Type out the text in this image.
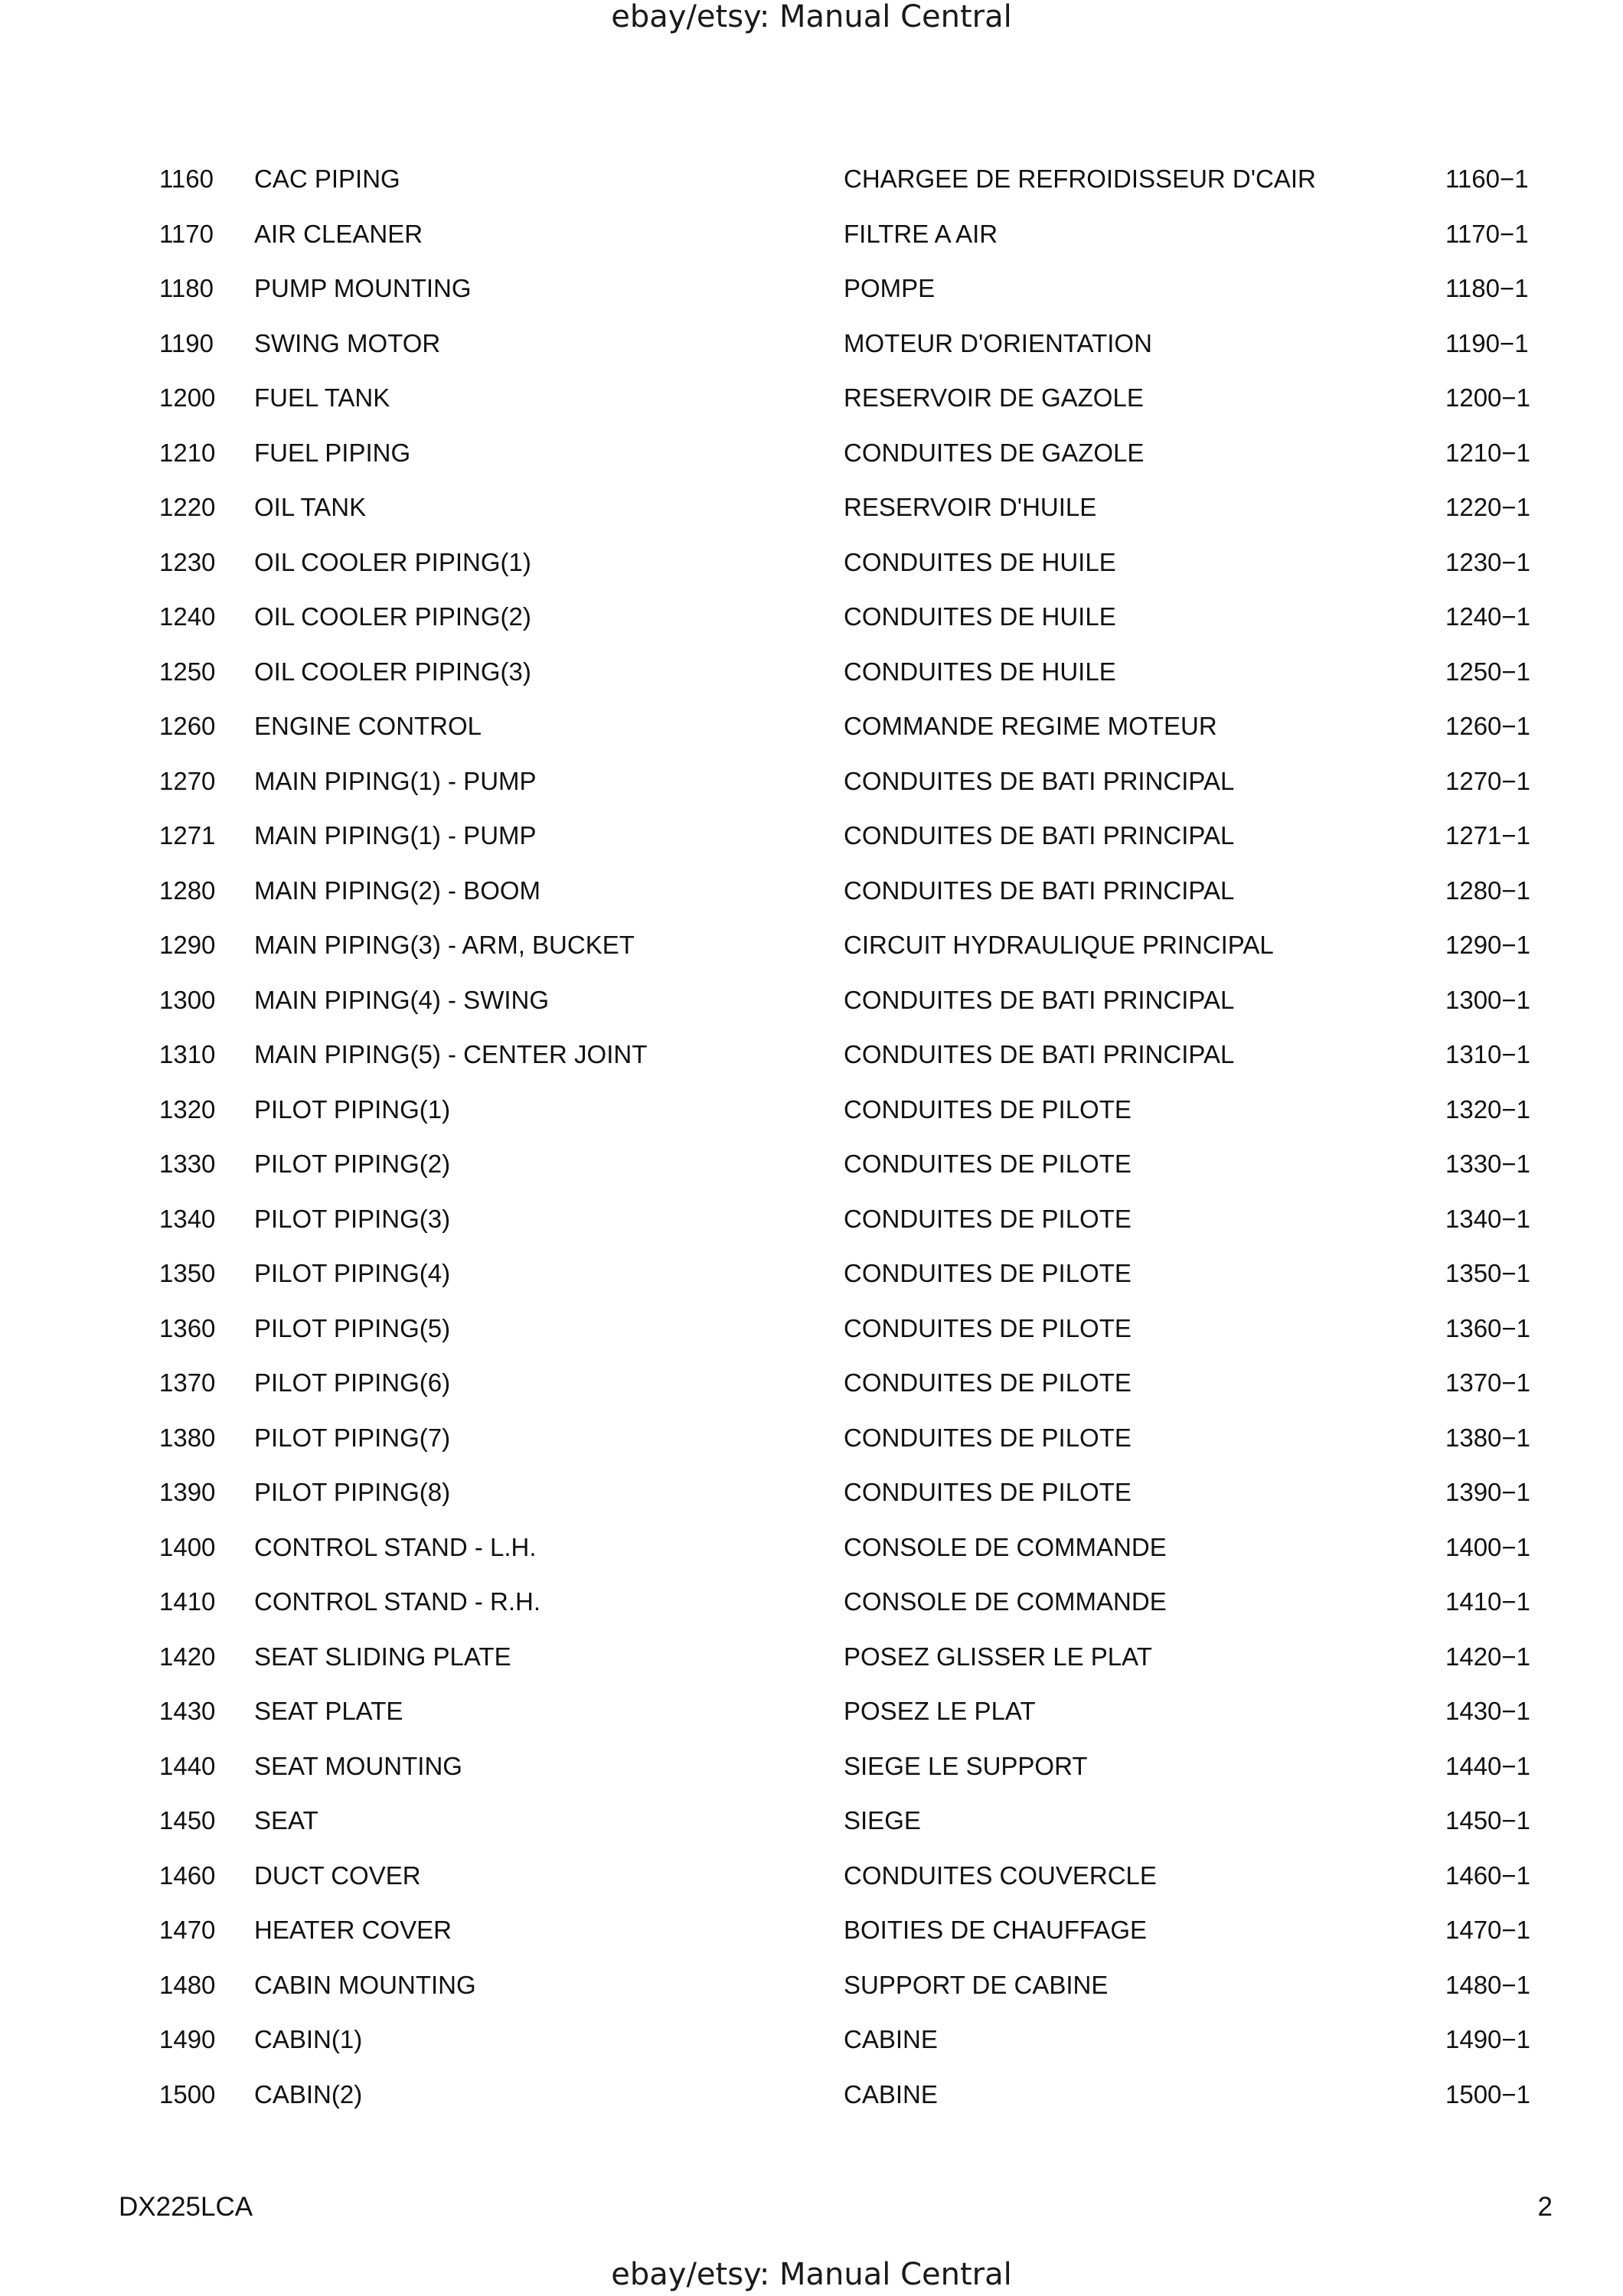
ebay/etsy: Manual Central
1160 CAC PIPING	CHARGEE DE REFROIDISSEUR D'CAIR	1160−1
1170 AIR CLEANER	FILTRE A AIR	1170−1
1180 PUMP MOUNTING	POMPE	1180−1
1190 SWING MOTOR	MOTEUR D'ORIENTATION	1190−1
1200 FUEL TANK	RESERVOIR DE GAZOLE	1200−1
1210 FUEL PIPING	CONDUITES DE GAZOLE	1210−1
1220 OIL TANK	RESERVOIR D'HUILE	1220−1
1230 OIL COOLER PIPING(1)	CONDUITES DE HUILE	1230−1
1240 OIL COOLER PIPING(2)	CONDUITES DE HUILE	1240−1
1250 OIL COOLER PIPING(3)	CONDUITES DE HUILE	1250−1
1260 ENGINE CONTROL	COMMANDE REGIME MOTEUR	1260−1
1270 MAIN PIPING(1) - PUMP	CONDUITES DE BATI PRINCIPAL	1270−1
1271 MAIN PIPING(1) - PUMP	CONDUITES DE BATI PRINCIPAL	1271−1
1280 MAIN PIPING(2) - BOOM	CONDUITES DE BATI PRINCIPAL	1280−1
1290 MAIN PIPING(3) - ARM, BUCKET	CIRCUIT HYDRAULIQUE PRINCIPAL	1290−1
1300 MAIN PIPING(4) - SWING	CONDUITES DE BATI PRINCIPAL	1300−1
1310 MAIN PIPING(5) - CENTER JOINT	CONDUITES DE BATI PRINCIPAL	1310−1
1320 PILOT PIPING(1)	CONDUITES DE PILOTE	1320−1
1330 PILOT PIPING(2)	CONDUITES DE PILOTE	1330−1
1340 PILOT PIPING(3)	CONDUITES DE PILOTE	1340−1
1350 PILOT PIPING(4)	CONDUITES DE PILOTE	1350−1
1360 PILOT PIPING(5)	CONDUITES DE PILOTE	1360−1
1370 PILOT PIPING(6)	CONDUITES DE PILOTE	1370−1
1380 PILOT PIPING(7)	CONDUITES DE PILOTE	1380−1
1390 PILOT PIPING(8)	CONDUITES DE PILOTE	1390−1
1400 CONTROL STAND - L.H.	CONSOLE DE COMMANDE	1400−1
1410 CONTROL STAND - R.H.	CONSOLE DE COMMANDE	1410−1
1420 SEAT SLIDING PLATE	POSEZ GLISSER LE PLAT	1420−1
1430 SEAT PLATE	POSEZ LE PLAT	1430−1
1440 SEAT MOUNTING	SIEGE LE SUPPORT	1440−1
1450 SEAT	SIEGE	1450−1
1460 DUCT COVER	CONDUITES COUVERCLE	1460−1
1470 HEATER COVER	BOITIES DE CHAUFFAGE	1470−1
1480 CABIN MOUNTING	SUPPORT DE CABINE	1480−1
1490 CABIN(1)	CABINE	1490−1
1500 CABIN(2)	CABINE	1500−1
DX225LCA	2
ebay/etsy: Manual Central
